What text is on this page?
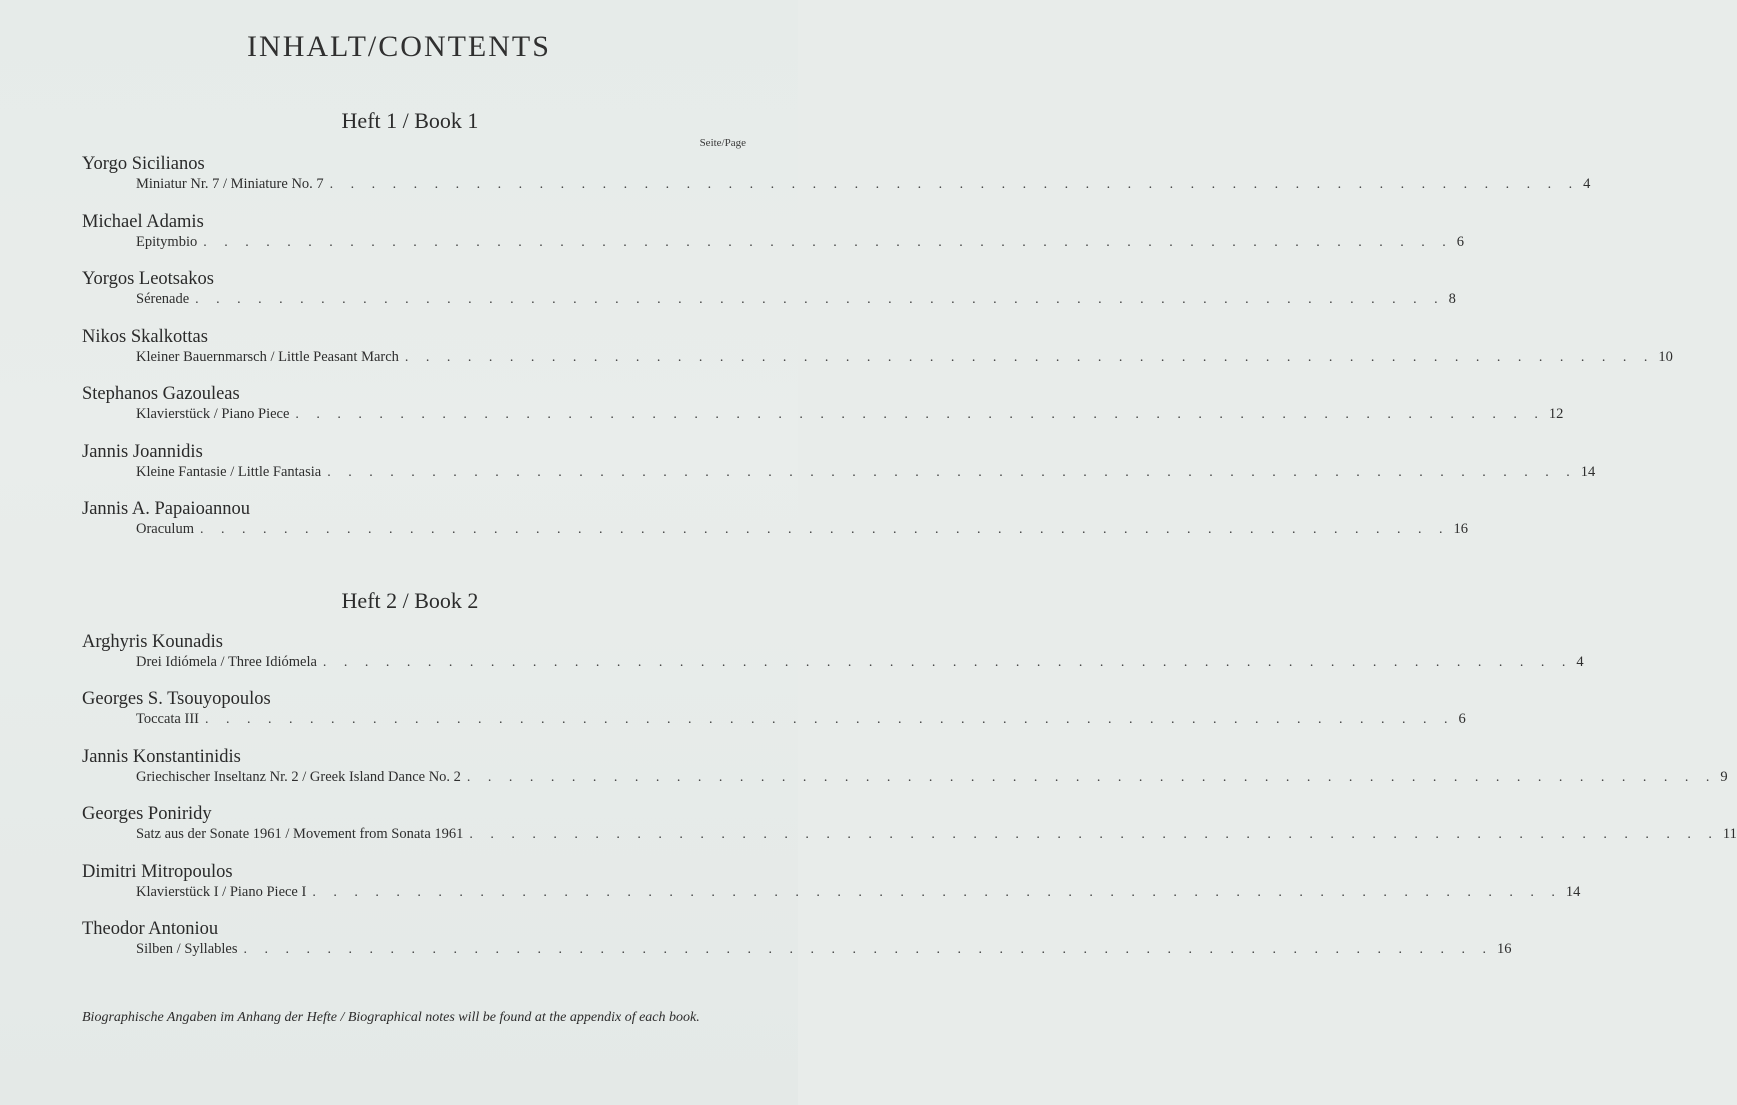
INHALT/CONTENTS
Heft 1 / Book 1
Seite/Page
Heft 2 / Book 2
Yorgo Sicilianos
Miniatur Nr. 7 / Miniature No. 7 . . . . . . . . . . . . . . . . . . . . . . . . . . . . . . . . . . . . . . . . . . . . . . . . . . . . . . . . . . . . 4
Michael Adamis
Epitymbio . . . . . . . . . . . . . . . . . . . . . . . . . . . . . . . . . . . . . . . . . . . . . . . . . . . . . . . . . . . . 6
Yorgos Leotsakos
Sérenade . . . . . . . . . . . . . . . . . . . . . . . . . . . . . . . . . . . . . . . . . . . . . . . . . . . . . . . . . . . . 8
Nikos Skalkottas
Kleiner Bauernmarsch / Little Peasant March . . . . . . . . . . . . . . . . . . . . . . . . . . . . . . . . . . . . . . . . . . . . . . . . . . . . . . . . . . . . 10
Stephanos Gazouleas
Klavierstück / Piano Piece . . . . . . . . . . . . . . . . . . . . . . . . . . . . . . . . . . . . . . . . . . . . . . . . . . . . . . . . . . . . 12
Jannis Joannidis
Kleine Fantasie / Little Fantasia . . . . . . . . . . . . . . . . . . . . . . . . . . . . . . . . . . . . . . . . . . . . . . . . . . . . . . . . . . . . 14
Jannis A. Papaioannou
Oraculum . . . . . . . . . . . . . . . . . . . . . . . . . . . . . . . . . . . . . . . . . . . . . . . . . . . . . . . . . . . . 16
Arghyris Kounadis
Drei Idiómela / Three Idiómela . . . . . . . . . . . . . . . . . . . . . . . . . . . . . . . . . . . . . . . . . . . . . . . . . . . . . . . . . . . . 4
Georges S. Tsouyopoulos
Toccata III . . . . . . . . . . . . . . . . . . . . . . . . . . . . . . . . . . . . . . . . . . . . . . . . . . . . . . . . . . . . 6
Jannis Konstantinidis
Griechischer Inseltanz Nr. 2 / Greek Island Dance No. 2 . . . . . . . . . . . . . . . . . . . . . . . . . . . . . . . . . . . . . . . . . . . . . . . . . . . . . . . . . . . . 9
Georges Poniridy
Satz aus der Sonate 1961 / Movement from Sonata 1961 . . . . . . . . . . . . . . . . . . . . . . . . . . . . . . . . . . . . . . . . . . . . . . . . . . . . . . . . . . . . 11
Dimitri Mitropoulos
Klavierstück I / Piano Piece I . . . . . . . . . . . . . . . . . . . . . . . . . . . . . . . . . . . . . . . . . . . . . . . . . . . . . . . . . . . . 14
Theodor Antoniou
Silben / Syllables . . . . . . . . . . . . . . . . . . . . . . . . . . . . . . . . . . . . . . . . . . . . . . . . . . . . . . . . . . . . 16
Biographische Angaben im Anhang der Hefte / Biographical notes will be found at the appendix of each book.
